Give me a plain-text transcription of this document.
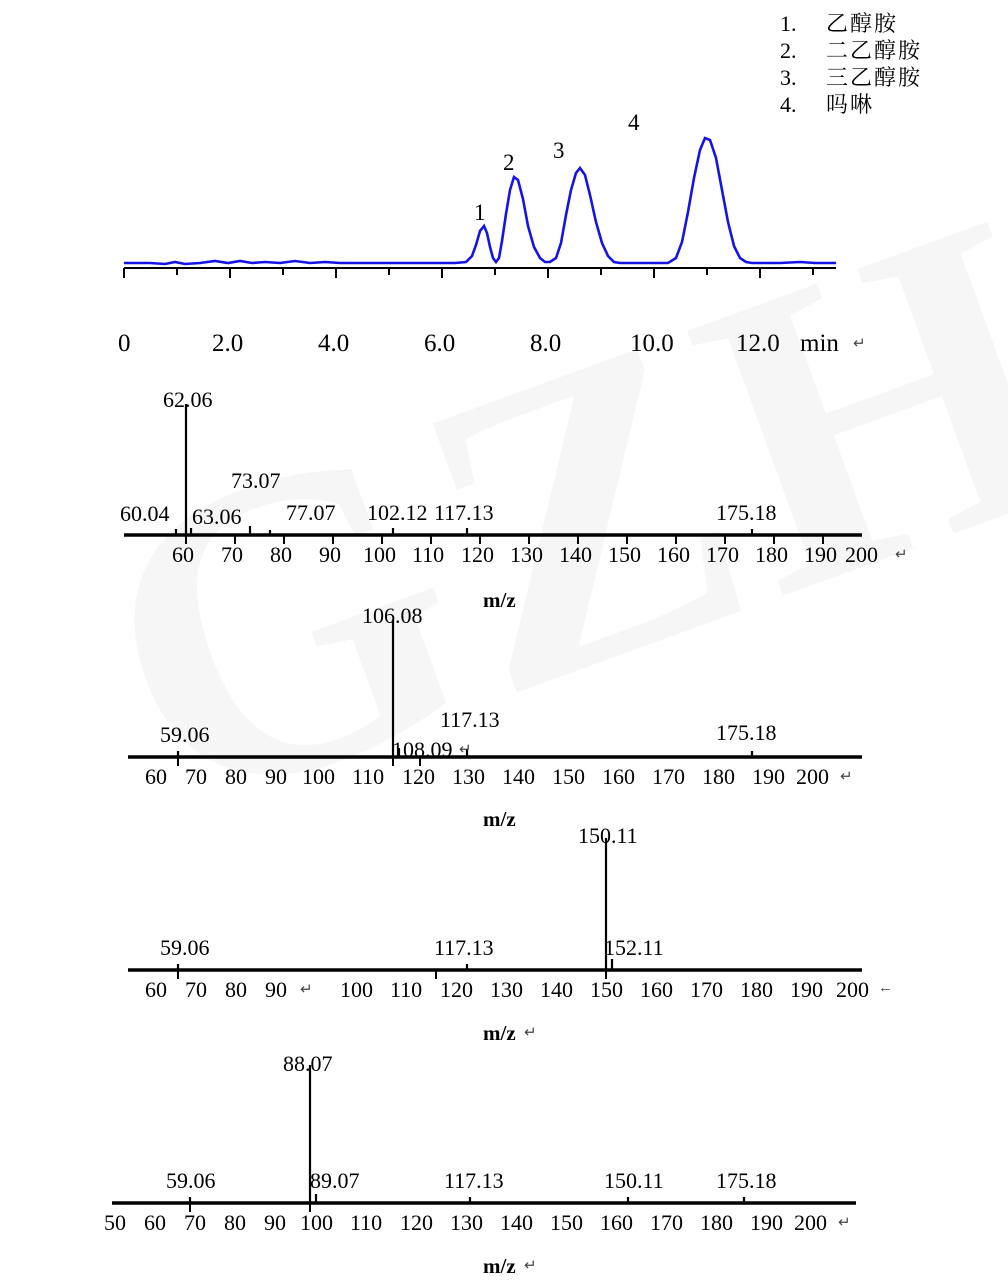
1.	乙醇胺
2.	二乙醇胺
3.	三乙醇胺
4.	吗啉
1
2 3
4
0	2.0	4.0	6.0	8.0	10.0 12.0 min ↵
60.04
62.06
63.06
73.07
77.07 102.12 117.13	175.18
60 70 80 90 100 110 120 130 140 150 160 170 180 190 200 ↵
m/z
106.08
59.06
108.09
117.13
175.18
↵
60 70 80 90 100 110 120 130 140 150 160 170 180 190 200 ↵
m/z
150.11
59.06	117.13	152.11
60 70 80 90 ↵ 100 110 120 130 140 150 160 170 180 190 200 ←
m/z ↵
88.07
59.06	89.07	117.13	150.11 175.18
50 60 70 80 90 100 110 120 130 140 150 160 170 180 190 200 ↵
m/z ↵
